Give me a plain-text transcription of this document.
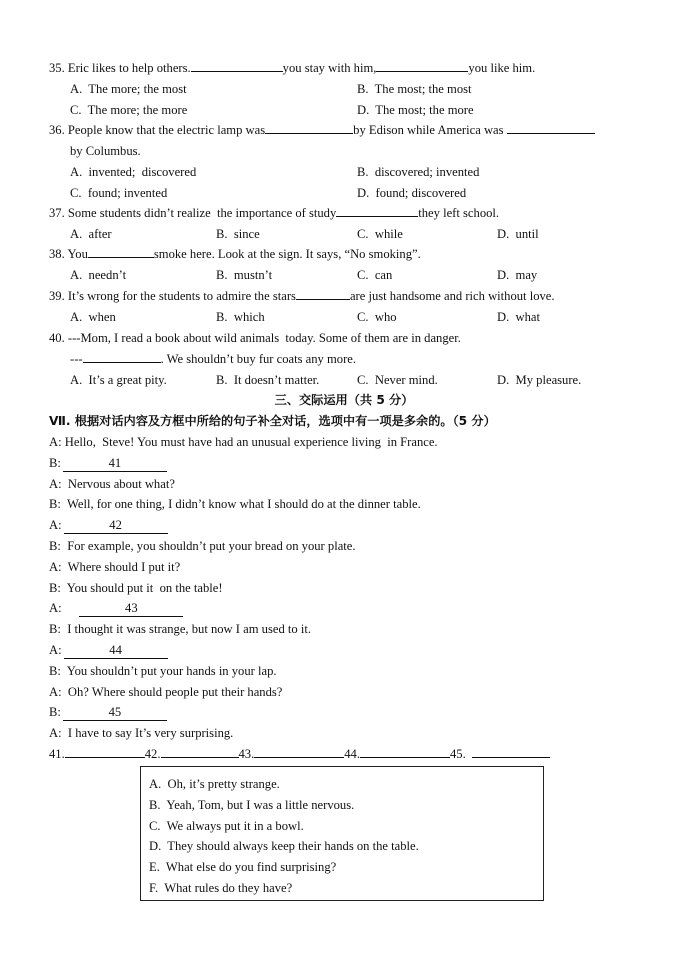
35. Eric likes to help others.	you stay with him,	you like him.
A.  The more; the most	B.  The most; the most
C.  The more; the more	D.  The most; the more
36. People know that the electric lamp was	by Edison while America was
by Columbus.
A.  invented;  discovered	B.  discovered; invented
C.  found; invented	D.  found; discovered
37. Some students didn’t realize  the importance of study	they left school.
A.  after	B.  since	C.  while	D.  until
38. You	smoke here. Look at the sign. It says, “No smoking”.
A.  needn’t	B.  mustn’t	C.  can	D.  may
39. It’s wrong for the students to admire the stars	are just handsome and rich without love.
A.  when	B.  which	C.  who	D.  what
40. ---Mom, I read a book about wild animals  today. Some of them are in danger.
---	. We shouldn’t buy fur coats any more.
A.  It’s a great pity.	B.  It doesn’t matter.	C.  Never mind.	D.  My pleasure.
三、交际运用（共 5 分）
Ⅶ. 根据对话内容及方框中所给的句子补全对话，选项中有一项是多余的。（5 分）
A: Hello,  Steve! You must have had an unusual experience living  in France.
B:	41
A:  Nervous about what?
B:  Well, for one thing, I didn’t know what I should do at the dinner table.
A:	42
B:  For example, you shouldn’t put your bread on your plate.
A:  Where should I put it?
B:  You should put it  on the table!
A:	43
B:  I thought it was strange, but now I am used to it.
A:	44
B:  You shouldn’t put your hands in your lap.
A:  Oh? Where should people put their hands?
B:	45
A:  I have to say It’s very surprising.
41.	42.	43.	44.	45.
A.  Oh, it’s pretty strange.
B.  Yeah, Tom, but I was a little nervous.
C.  We always put it in a bowl.
D.  They should always keep their hands on the table.
E.  What else do you find surprising?
F.  What rules do they have?
